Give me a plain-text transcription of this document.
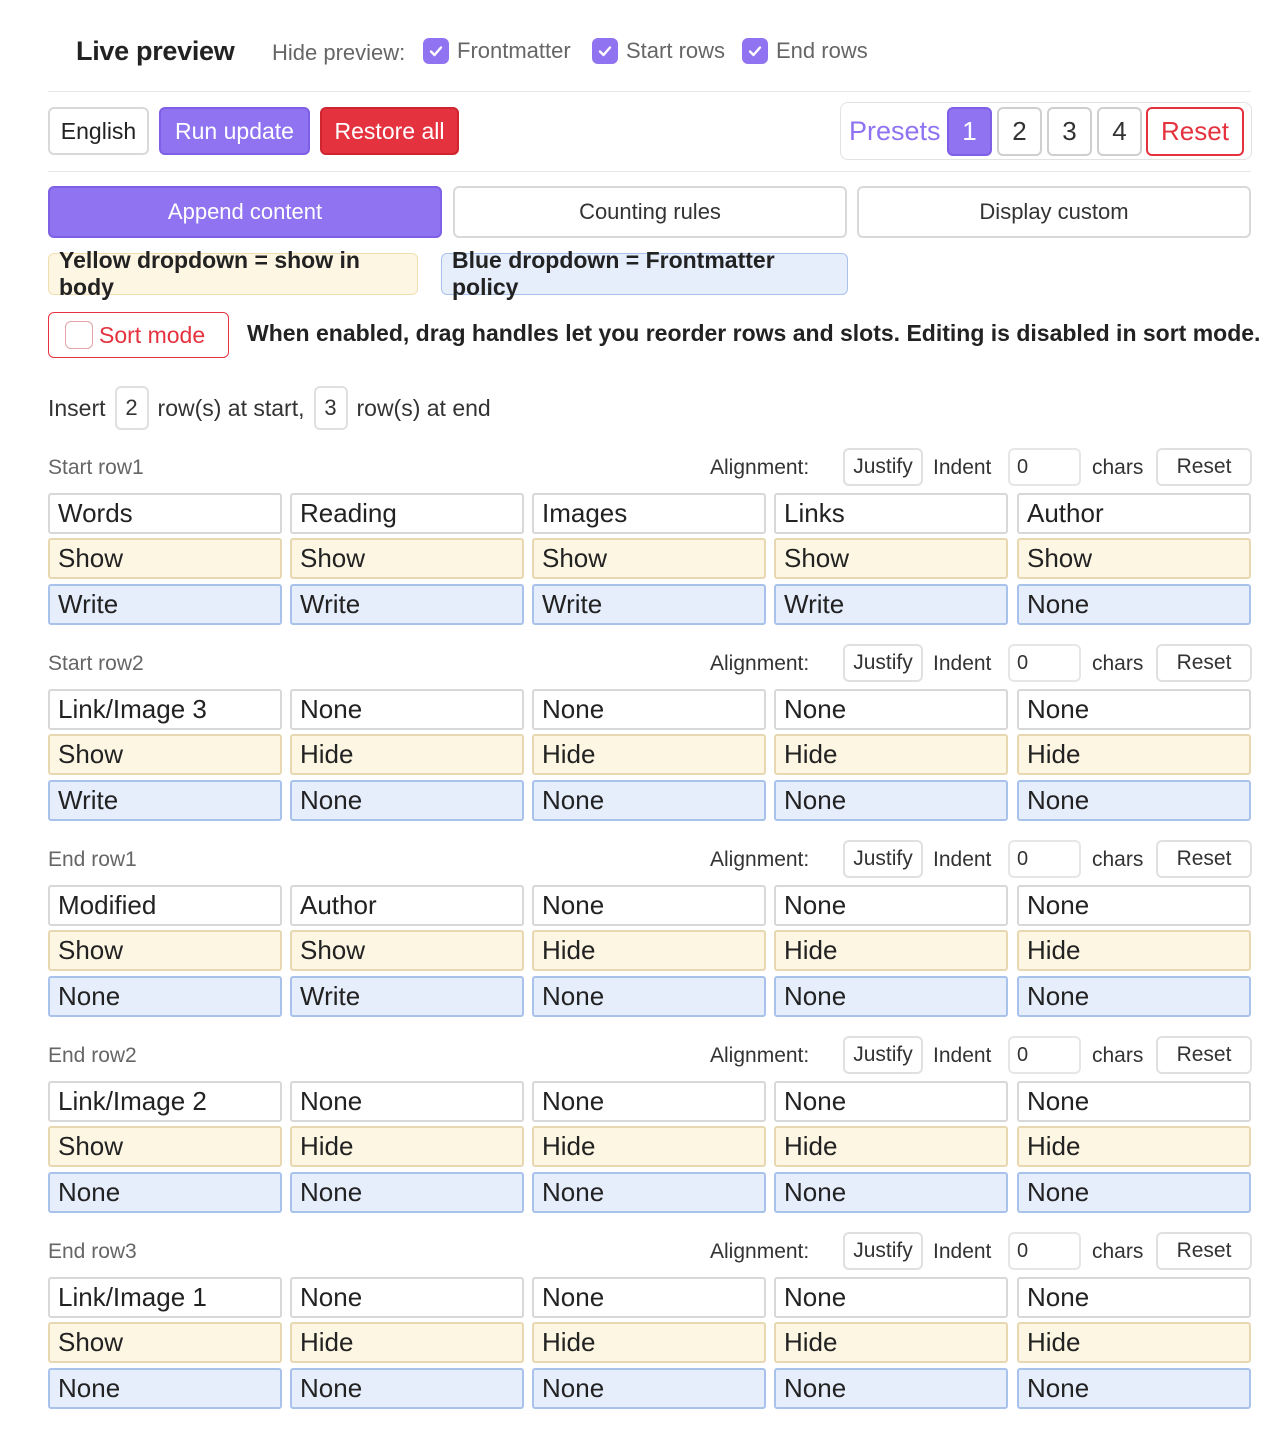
Live preview Hide preview: Frontmatter	Start rows End rows
English	Run update	Restore all	Presets 1	2	3	4	Reset
Append content	Counting rules	Display custom
Yellow dropdown = show in body
Blue dropdown = Frontmatter policy
Sort mode When enabled, drag handles let you reorder rows and slots. Editing is disabled in sort mode.
Insert 2 row(s) at start, 3 row(s) at end
Start row1	Alignment:	Justify Indent	0	chars	Reset
Words	Reading	Images	Links	Author
Show	Show	Show	Show	Show
Write	Write	Write	Write	None
Start row2	Alignment:	Justify Indent	0	chars	Reset
Link/Image 3	None	None	None	None
Show	Hide	Hide	Hide	Hide
Write	None	None	None	None
End row1	Alignment:	Justify Indent	0	chars	Reset
Modified	Author	None	None	None
Show	Show	Hide	Hide	Hide
None	Write	None	None	None
End row2	Alignment:	Justify Indent	0	chars	Reset
Link/Image 2	None	None	None	None
Show	Hide	Hide	Hide	Hide
None	None	None	None	None
End row3	Alignment:	Justify Indent	0	chars	Reset
Link/Image 1	None	None	None	None
Show	Hide	Hide	Hide	Hide
None	None	None	None	None
